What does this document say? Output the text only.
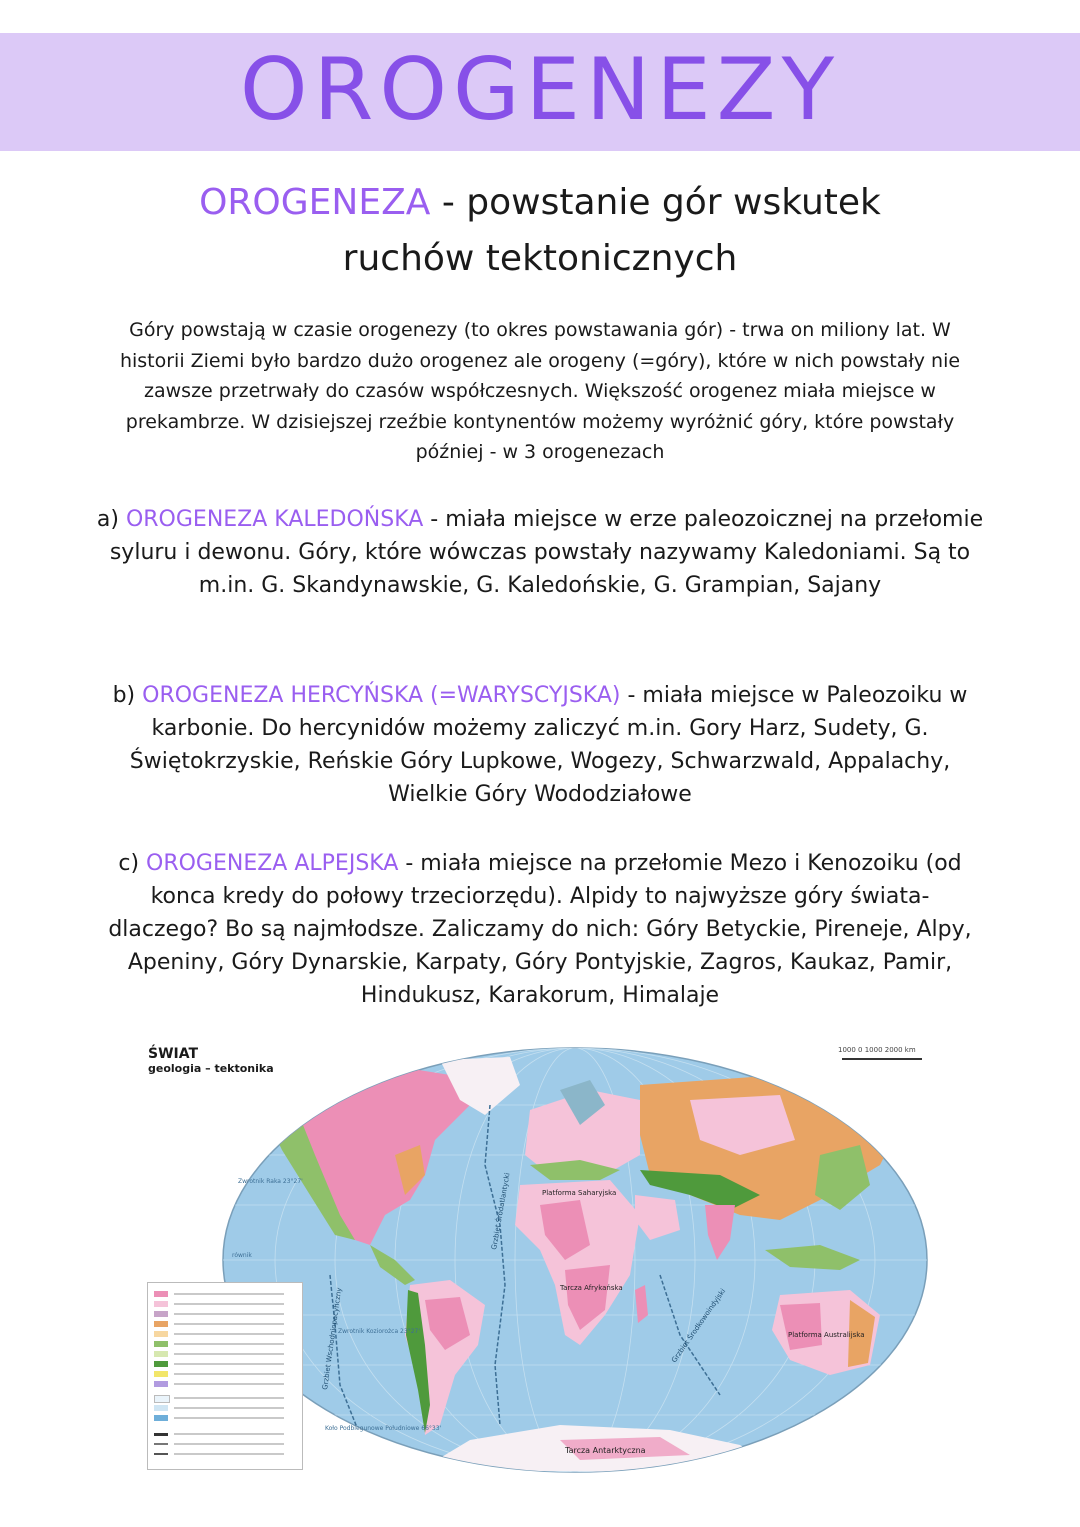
OROGENEZY
OROGENEZA - powstanie gór wskutek
ruchów tektonicznych
Góry powstają w czasie orogenezy (to okres powstawania gór) - trwa on miliony lat. W historii Ziemi było bardzo dużo orogenez ale orogeny (=góry), które w nich powstały nie zawsze przetrwały do czasów współczesnych. Większość orogenez miała miejsce w prekambrze. W dzisiejszej rzeźbie kontynentów możemy wyróżnić góry, które powstały później - w 3 orogenezach
a) OROGENEZA KALEDOŃSKA - miała miejsce w erze paleozoicznej na przełomie syluru i dewonu. Góry, które wówczas powstały nazywamy Kaledoniami. Są to m.in. G. Skandynawskie, G. Kaledońskie, G. Grampian, Sajany
b) OROGENEZA HERCYŃSKA (=WARYSCYJSKA) - miała miejsce w Paleozoiku w karbonie. Do hercynidów możemy zaliczyć m.in. Gory Harz, Sudety, G. Świętokrzyskie, Reńskie Góry Lupkowe, Wogezy, Schwarzwald, Appalachy, Wielkie Góry Wododziałowe
c) OROGENEZA ALPEJSKA - miała miejsce na przełomie Mezo i Kenozoiku (od konca kredy do połowy trzeciorzędu). Alpidy to najwyższe góry świata- dlaczego? Bo są najmłodsze. Zaliczamy do nich: Góry Betyckie, Pireneje, Alpy, Apeniny, Góry Dynarskie, Karpaty, Góry Pontyjskie, Zagros, Kaukaz, Pamir, Hindukusz, Karakorum, Himalaje
Platforma Saharyjska
Tarcza Afrykańska
Platforma Australijska
Tarcza Antarktyczna
Zwrotnik Raka 23°27'
równik
Zwrotnik Koziorożca 23°27'
Koło Podbiegunowe Południowe 66°33'
Grzbiet Śródatlantycki
Grzbiet Wschodniopacyficzny	Grzbiet Środkowoindyjski
ŚWIAT
geologia – tektonika
1000 0 1000 2000 km
